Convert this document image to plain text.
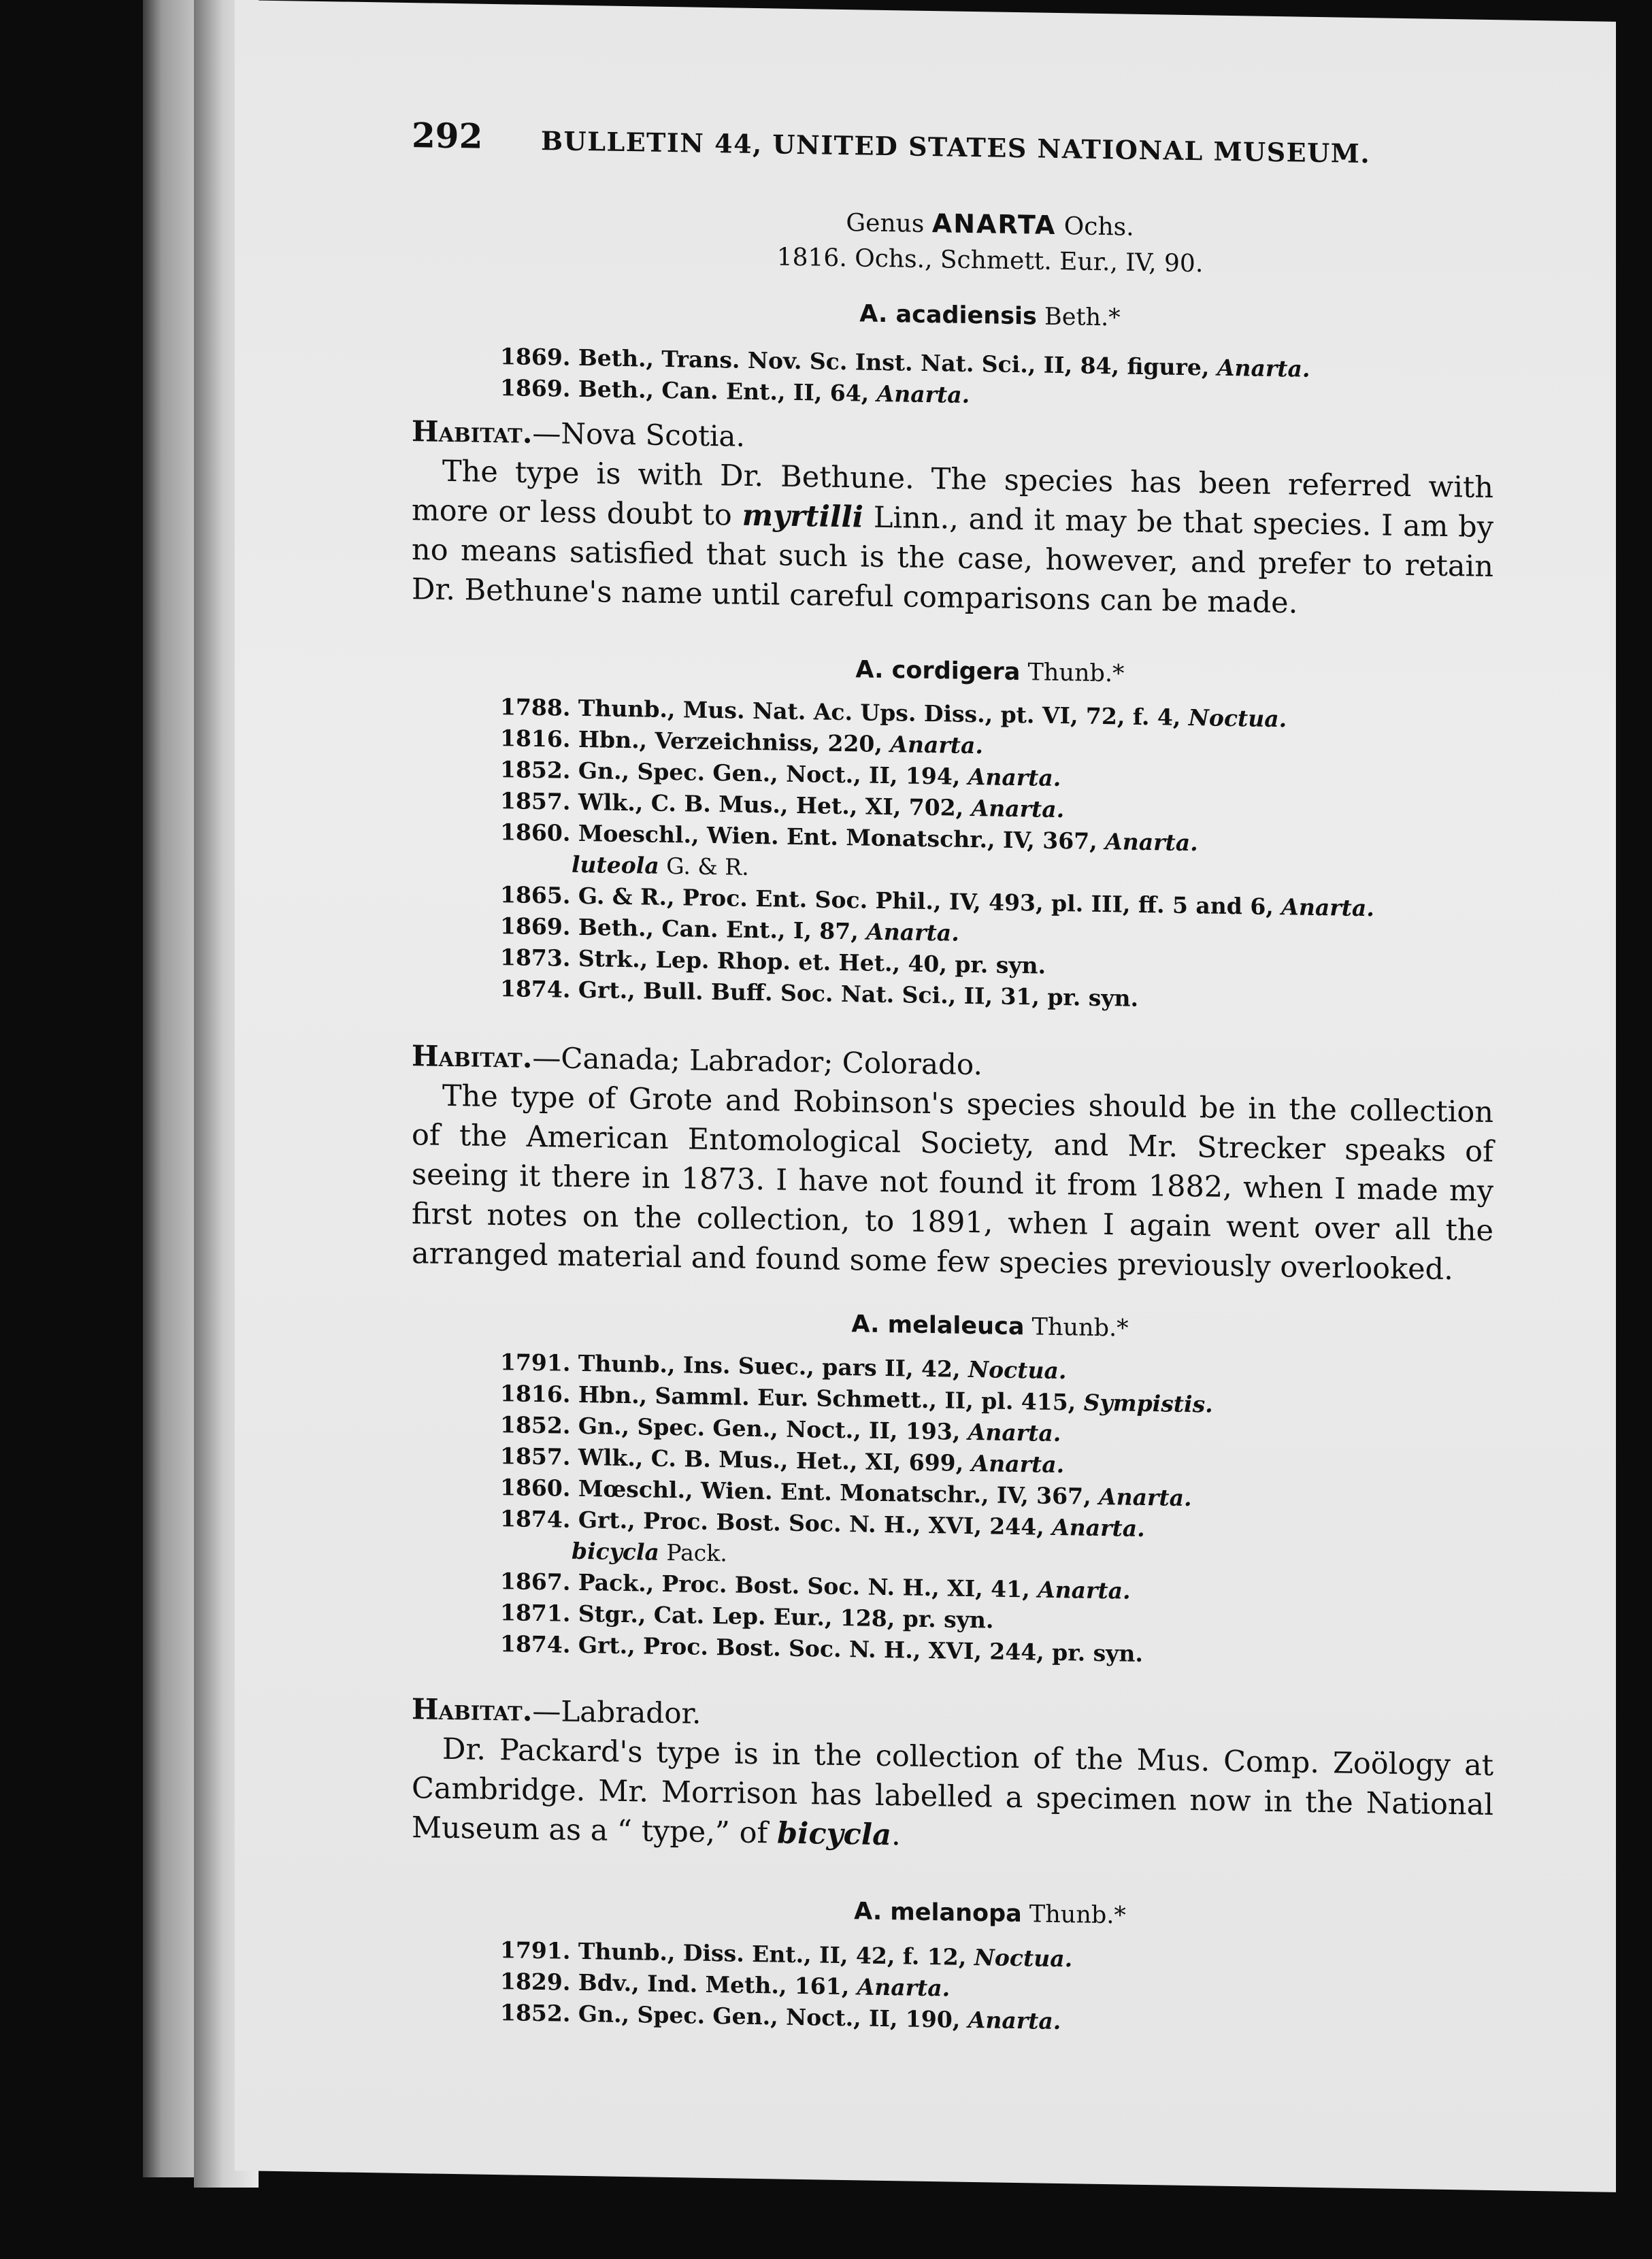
292 BULLETIN 44, UNITED STATES NATIONAL MUSEUM.
Genus ANARTA Ochs.
1816. Ochs., Schmett. Eur., IV, 90.
A. acadiensis Beth.*
1869. Beth., Trans. Nov. Sc. Inst. Nat. Sci., II, 84, figure, Anarta.
1869. Beth., Can. Ent., II, 64, Anarta.
Habitat.—Nova Scotia.

The type is with Dr. Bethune. The species has been referred with more or less doubt to myrtilli Linn., and it may be that species. I am by no means satisfied that such is the case, however, and prefer to retain Dr. Bethune's name until careful comparisons can be made.

A. cordigera Thunb.*
1788. Thunb., Mus. Nat. Ac. Ups. Diss., pt. VI, 72, f. 4, Noctua.
1816. Hbn., Verzeichniss, 220, Anarta.
1852. Gn., Spec. Gen., Noct., II, 194, Anarta.
1857. Wlk., C. B. Mus., Het., XI, 702, Anarta.
1860. Moeschl., Wien. Ent. Monatschr., IV, 367, Anarta.
luteola G. & R.
1865. G. & R., Proc. Ent. Soc. Phil., IV, 493, pl. III, ff. 5 and 6, Anarta.
1869. Beth., Can. Ent., I, 87, Anarta.
1873. Strk., Lep. Rhop. et. Het., 40, pr. syn.
1874. Grt., Bull. Buff. Soc. Nat. Sci., II, 31, pr. syn.
Habitat.—Canada; Labrador; Colorado.

The type of Grote and Robinson's species should be in the collection of the American Entomological Society, and Mr. Strecker speaks of seeing it there in 1873. I have not found it from 1882, when I made my first notes on the collection, to 1891, when I again went over all the arranged material and found some few species previously overlooked.

A. melaleuca Thunb.*
1791. Thunb., Ins. Suec., pars II, 42, Noctua.
1816. Hbn., Samml. Eur. Schmett., II, pl. 415, Sympistis.
1852. Gn., Spec. Gen., Noct., II, 193, Anarta.
1857. Wlk., C. B. Mus., Het., XI, 699, Anarta.
1860. Mœschl., Wien. Ent. Monatschr., IV, 367, Anarta.
1874. Grt., Proc. Bost. Soc. N. H., XVI, 244, Anarta.
bicycla Pack.
1867. Pack., Proc. Bost. Soc. N. H., XI, 41, Anarta.
1871. Stgr., Cat. Lep. Eur., 128, pr. syn.
1874. Grt., Proc. Bost. Soc. N. H., XVI, 244, pr. syn.
Habitat.—Labrador.

Dr. Packard's type is in the collection of the Mus. Comp. Zoölogy at Cambridge. Mr. Morrison has labelled a specimen now in the National Museum as a “ type,” of bicycla.

A. melanopa Thunb.*
1791. Thunb., Diss. Ent., II, 42, f. 12, Noctua.
1829. Bdv., Ind. Meth., 161, Anarta.
1852. Gn., Spec. Gen., Noct., II, 190, Anarta.
